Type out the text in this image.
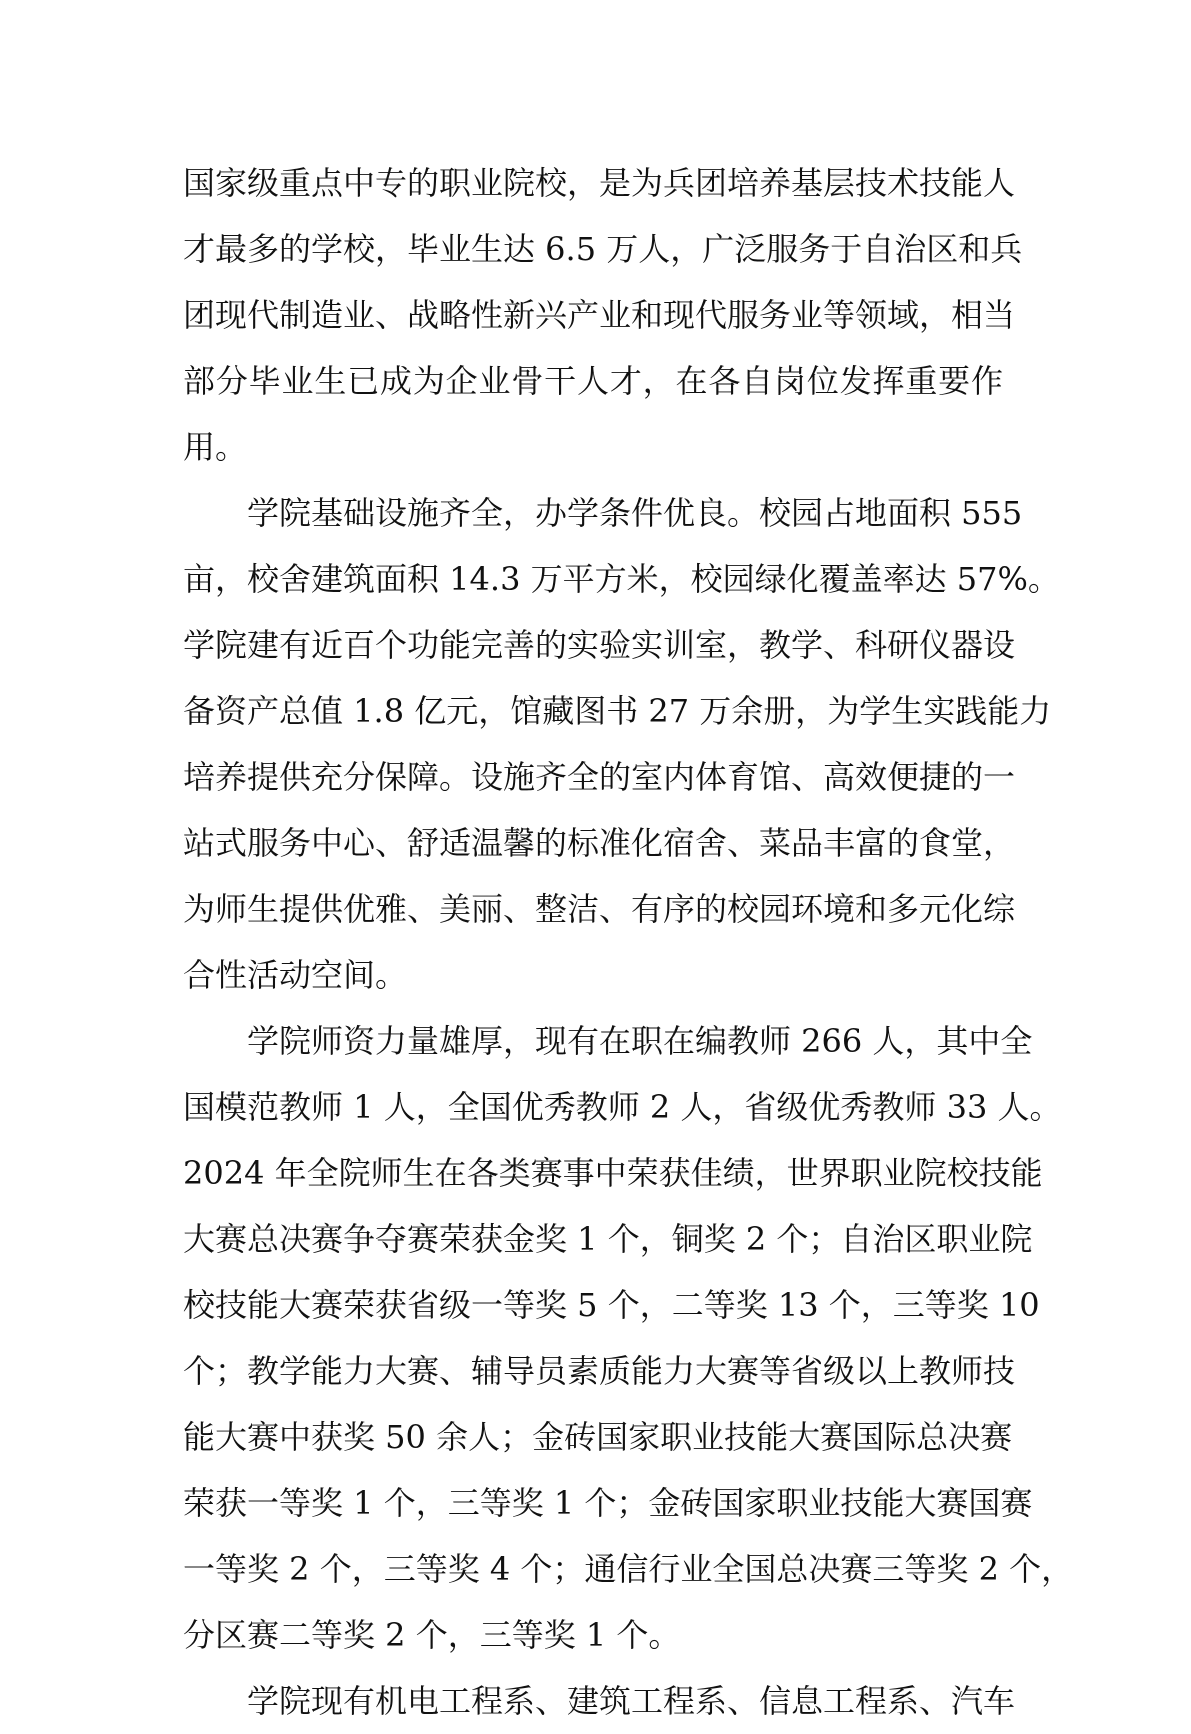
国家级重点中专的职业院校，是为兵团培养基层技术技能人
才最多的学校，毕业生达 6.5 万人，广泛服务于自治区和兵
团现代制造业、战略性新兴产业和现代服务业等领域，相当
部分毕业生已成为企业骨干人才，在各自岗位发挥重要作
用。
学院基础设施齐全，办学条件优良。校园占地面积 555
亩，校舍建筑面积 14.3 万平方米，校园绿化覆盖率达 57%。
学院建有近百个功能完善的实验实训室，教学、科研仪器设
备资产总值 1.8 亿元，馆藏图书 27 万余册，为学生实践能力
培养提供充分保障。设施齐全的室内体育馆、高效便捷的一
站式服务中心、舒适温馨的标准化宿舍、菜品丰富的食堂，
为师生提供优雅、美丽、整洁、有序的校园环境和多元化综
合性活动空间。
学院师资力量雄厚，现有在职在编教师 266 人，其中全
国模范教师 1 人，全国优秀教师 2 人，省级优秀教师 33 人。
2024 年全院师生在各类赛事中荣获佳绩，世界职业院校技能
大赛总决赛争夺赛荣获金奖 1 个，铜奖 2 个；自治区职业院
校技能大赛荣获省级一等奖 5 个，二等奖 13 个，三等奖 10
个；教学能力大赛、辅导员素质能力大赛等省级以上教师技
能大赛中获奖 50 余人；金砖国家职业技能大赛国际总决赛
荣获一等奖 1 个，三等奖 1 个；金砖国家职业技能大赛国赛
一等奖 2 个，三等奖 4 个；通信行业全国总决赛三等奖 2 个，
分区赛二等奖 2 个，三等奖 1 个。
学院现有机电工程系、建筑工程系、信息工程系、汽车
